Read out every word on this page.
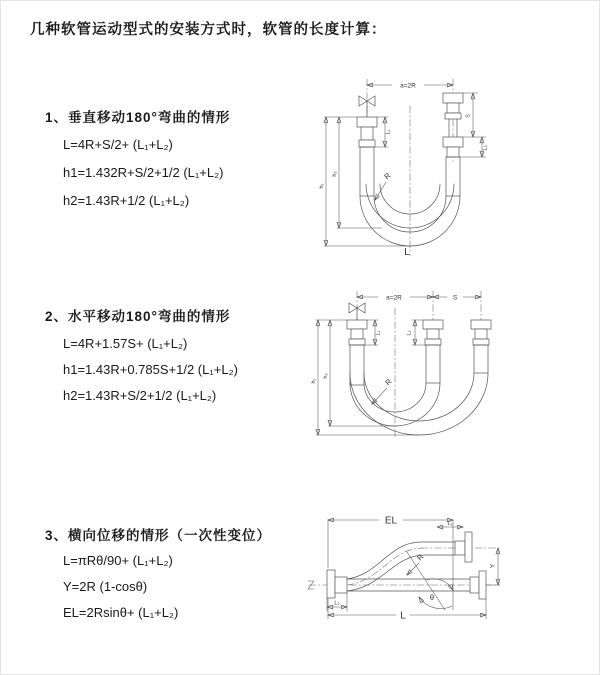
几种软管运动型式的安装方式时，软管的长度计算：
1、垂直移动180°弯曲的情形
L=4R+S/2+ (L₁+L₂)
h1=1.432R+S/2+1/2 (L₁+L₂)
h2=1.43R+1/2 (L₁+L₂)
a=2R
h₁
h₂
L₁
S
L₂
R
L
2、水平移动180°弯曲的情形
L=4R+1.57S+ (L₁+L₂)
h1=1.43R+0.785S+1/2 (L₁+L₂)
h2=1.43R+S/2+1/2 (L₁+L₂)
a=2R	S
h₁
h₂
L₁	L₂
R
3、横向位移的情形（一次性变位）
L=πRθ/90+ (L₁+L₂)
Y=2R (1-cosθ)
EL=2Rsinθ+ (L₁+L₂)
EL	L₁
Y
L
L₂
θ
R
